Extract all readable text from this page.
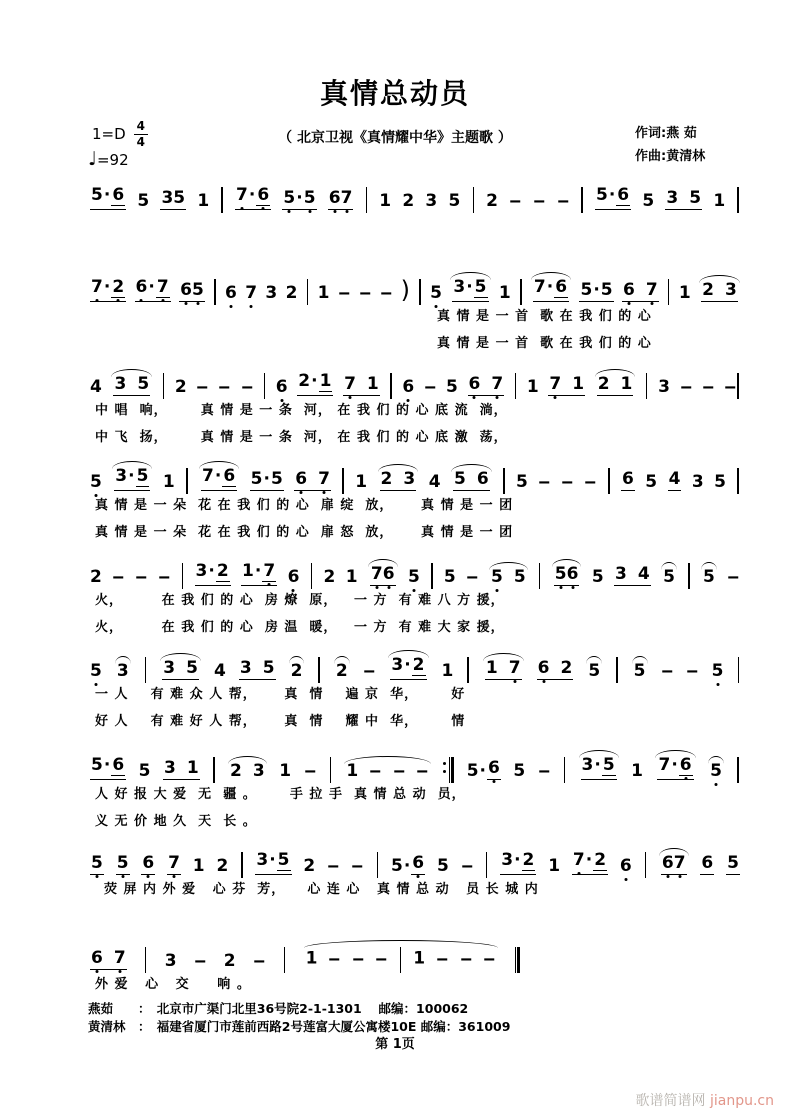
真情总动员
（ 北京卫视《真情耀中华》主题歌 ）
$1=D \frac{4}{4}$
♩=92
作词:燕 茹
作曲:黄清林
5· 6 5 35 1 7
· 6 5
·5 6
7 1 2 3 5 2 – – – 5· 6 5 3 5 1
7
· 2 6
· 7 6
5 6 7 3 2 1 – – – ) 5 3· 5 1 7· 6 5·5 6 7 1 2 3
真 情 是 一 首  歌 在 我 们 的 心
真 情 是 一 首  歌 在 我 们 的 心
4 3 5 2 – – – 6 2· 1 7 1 6 – 5 6 7 1 7 1 2 1 3 – – –
中 唱  响，      真 情 是 一 条  河， 在 我 们 的 心 底 流  淌，
中 飞  扬，      真 情 是 一 条  河， 在 我 们 的 心 底 激  荡，
5 3· 5 1 7· 6 5·5 6 7 1 2 3 4 5 6 5 – – – 6 5 4 3 5
真 情 是 一 朵  花 在 我 们 的 心  扉 绽  放，     真 情 是 一 团
真 情 是 一 朵  花 在 我 们 的 心  扉 怒  放，     真 情 是 一 团
2 – – – 3· 2 1· 7 6 2 1 7
6 5 5 – 5 5 5
6 5 3 4 5 5 –
火，       在 我 们 的 心  房 燎  原，   一 方  有 难 八 方 援，
火，       在 我 们 的 心  房 温  暖，   一 方  有 难 大 家 援，
5 3 3 5 4 3 5 2 2 – 3· 2 1 1 7 6 2 5 5 – – 5
一 人    有 难 众 人 帮，     真  情    遍 京  华，      好
好 人    有 难 好 人 帮，     真  情    耀 中  华，      情
5· 6 5 3 1 2 3 1 – 1 – – – 5 · 6 5 – 3· 5 1 7· 6 5
人 好 报 大 爱  无  疆 。      手 拉 手  真 情 总 动  员，
义 无 价 地 久  天  长 。
5 5 6 7 1 2 3· 5 2 – – 5 · 6 5 – 3· 2 1 7
· 2 6 6
7 6 5
荧 屏 内 外 爱   心 芬  芳，    心 连 心   真 情 总 动   员 长 城 内
6 7 3 – 2 – 1 – – – 1 – – –
外 爱   心   交     响 。
燕茹　　：　北京市广渠门北里36号院2-1-1301　 邮编：100062
黄清林　：　福建省厦门市莲前西路2号莲富大厦公寓楼10E 邮编：361009
第 1页
歌谱简谱网 jianpu.cn
